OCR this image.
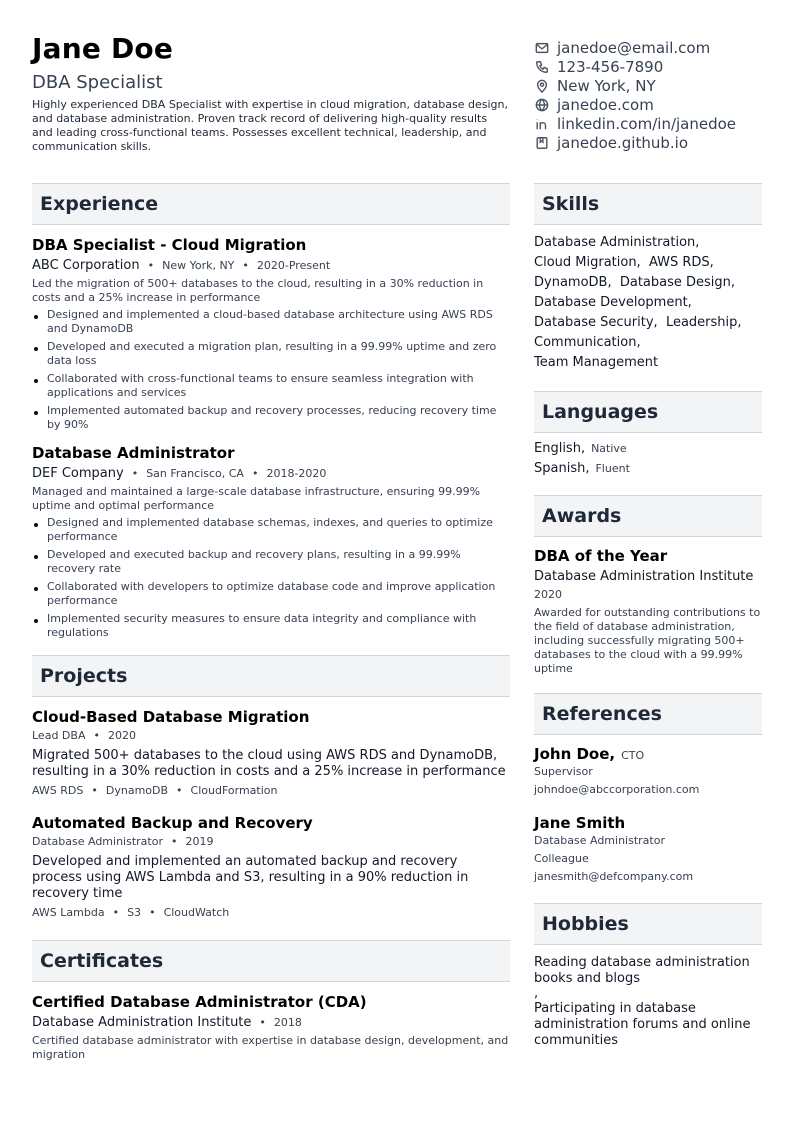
Jane Doe
DBA Specialist
Highly experienced DBA Specialist with expertise in cloud migration, database design, and database administration. Proven track record of delivering high-quality results and leading cross-functional teams. Possesses excellent technical, leadership, and communication skills.
janedoe@email.com
123-456-7890
New York, NY
janedoe.com
linkedin.com/in/janedoe
janedoe.github.io
Experience
DBA Specialist - Cloud Migration
ABC Corporation • New York, NY • 2020-Present
Led the migration of 500+ databases to the cloud, resulting in a 30% reduction in costs and a 25% increase in performance
Designed and implemented a cloud-based database architecture using AWS RDS and DynamoDB
Developed and executed a migration plan, resulting in a 99.99% uptime and zero data loss
Collaborated with cross-functional teams to ensure seamless integration with applications and services
Implemented automated backup and recovery processes, reducing recovery time by 90%
Database Administrator
DEF Company • San Francisco, CA • 2018-2020
Managed and maintained a large-scale database infrastructure, ensuring 99.99% uptime and optimal performance
Designed and implemented database schemas, indexes, and queries to optimize performance
Developed and executed backup and recovery plans, resulting in a 99.99% recovery rate
Collaborated with developers to optimize database code and improve application performance
Implemented security measures to ensure data integrity and compliance with regulations
Projects
Cloud-Based Database Migration
Lead DBA • 2020
Migrated 500+ databases to the cloud using AWS RDS and DynamoDB, resulting in a 30% reduction in costs and a 25% increase in performance
AWS RDS • DynamoDB • CloudFormation
Automated Backup and Recovery
Database Administrator • 2019
Developed and implemented an automated backup and recovery process using AWS Lambda and S3, resulting in a 90% reduction in recovery time
AWS Lambda • S3 • CloudWatch
Certificates
Certified Database Administrator (CDA)
Database Administration Institute • 2018
Certified database administrator with expertise in database design, development, and migration
Skills
Database Administration,
Cloud Migration, AWS RDS,
DynamoDB, Database Design,
Database Development,
Database Security, Leadership,
Communication,
Team Management
Languages
English, Native
Spanish, Fluent
Awards
DBA of the Year
Database Administration Institute
2020
Awarded for outstanding contributions to the field of database administration, including successfully migrating 500+ databases to the cloud with a 99.99% uptime
References
John Doe, CTO
Supervisor
johndoe@abccorporation.com
Jane Smith
Database Administrator
Colleague
janesmith@defcompany.com
Hobbies
Reading database administration books and blogs
,
Participating in database administration forums and online communities
